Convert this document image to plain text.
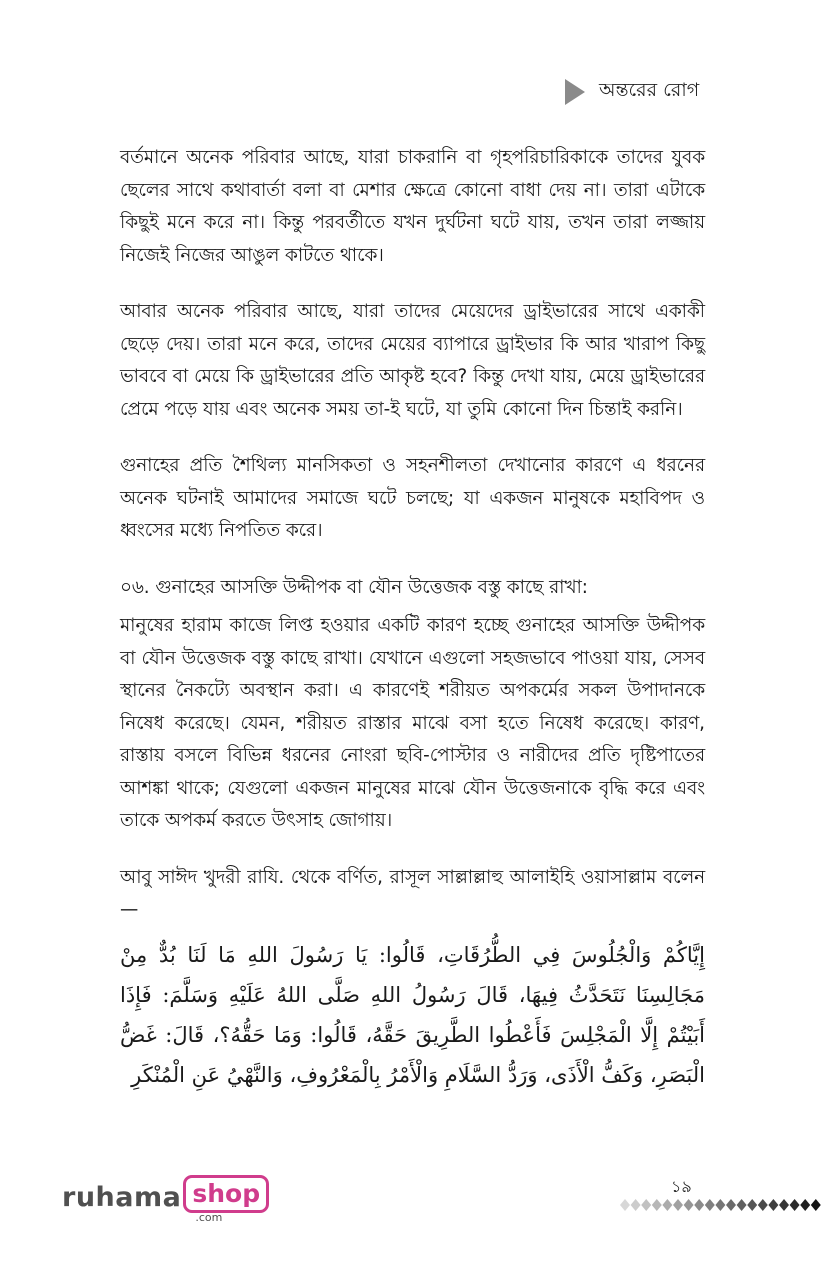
অন্তরের রোগ

বর্তমানে অনেক পরিবার আছে, যারা চাকরানি বা গৃহপরিচারিকাকে তাদের যুবক ছেলের সাথে কথাবার্তা বলা বা মেশার ক্ষেত্রে কোনো বাধা দেয় না। তারা এটাকে কিছুই মনে করে না। কিন্তু পরবর্তীতে যখন দুর্ঘটনা ঘটে যায়, তখন তারা লজ্জায় নিজেই নিজের আঙুল কাটতে থাকে।

আবার অনেক পরিবার আছে, যারা তাদের মেয়েদের ড্রাইভারের সাথে একাকী ছেড়ে দেয়। তারা মনে করে, তাদের মেয়ের ব্যাপারে ড্রাইভার কি আর খারাপ কিছু ভাববে বা মেয়ে কি ড্রাইভারের প্রতি আকৃষ্ট হবে? কিন্তু দেখা যায়, মেয়ে ড্রাইভারের প্রেমে পড়ে যায় এবং অনেক সময় তা-ই ঘটে, যা তুমি কোনো দিন চিন্তাই করনি।

গুনাহের প্রতি শৈথিল্য মানসিকতা ও সহনশীলতা দেখানোর কারণে এ ধরনের অনেক ঘটনাই আমাদের সমাজে ঘটে চলছে; যা একজন মানুষকে মহাবিপদ ও ধ্বংসের মধ্যে নিপতিত করে।

০৬. গুনাহের আসক্তি উদ্দীপক বা যৌন উত্তেজক বস্তু কাছে রাখা:

মানুষের হারাম কাজে লিপ্ত হওয়ার একটি কারণ হচ্ছে গুনাহের আসক্তি উদ্দীপক বা যৌন উত্তেজক বস্তু কাছে রাখা। যেখানে এগুলো সহজভাবে পাওয়া যায়, সেসব স্থানের নৈকট্যে অবস্থান করা। এ কারণেই শরীয়ত অপকর্মের সকল উপাদানকে নিষেধ করেছে। যেমন, শরীয়ত রাস্তার মাঝে বসা হতে নিষেধ করেছে। কারণ, রাস্তায় বসলে বিভিন্ন ধরনের নোংরা ছবি-পোস্টার ও নারীদের প্রতি দৃষ্টিপাতের আশঙ্কা থাকে; যেগুলো একজন মানুষের মাঝে যৌন উত্তেজনাকে বৃদ্ধি করে এবং তাকে অপকর্ম করতে উৎসাহ জোগায়।

আবু সাঈদ খুদরী রাযি. থেকে বর্ণিত, রাসূল সাল্লাল্লাহু আলাইহি ওয়াসাল্লাম বলেন—

إِيَّاكُمْ وَالْجُلُوسَ فِي الطُّرُقَاتِ، قَالُوا: يَا رَسُولَ اللهِ مَا لَنَا بُدٌّ مِنْ مَجَالِسِنَا نَتَحَدَّثُ فِيهَا، قَالَ رَسُولُ اللهِ صَلَّى اللهُ عَلَيْهِ وَسَلَّمَ: فَإِذَا أَبَيْتُمْ إِلَّا الْمَجْلِسَ فَأَعْطُوا الطَّرِيقَ حَقَّهُ، قَالُوا: وَمَا حَقُّهُ؟، قَالَ: غَضُّ الْبَصَرِ، وَكَفُّ الْأَذَى، وَرَدُّ السَّلَامِ وَالْأَمْرُ بِالْمَعْرُوفِ، وَالنَّهْيُ عَنِ الْمُنْكَرِ
১৯
ruhama shop
.com
